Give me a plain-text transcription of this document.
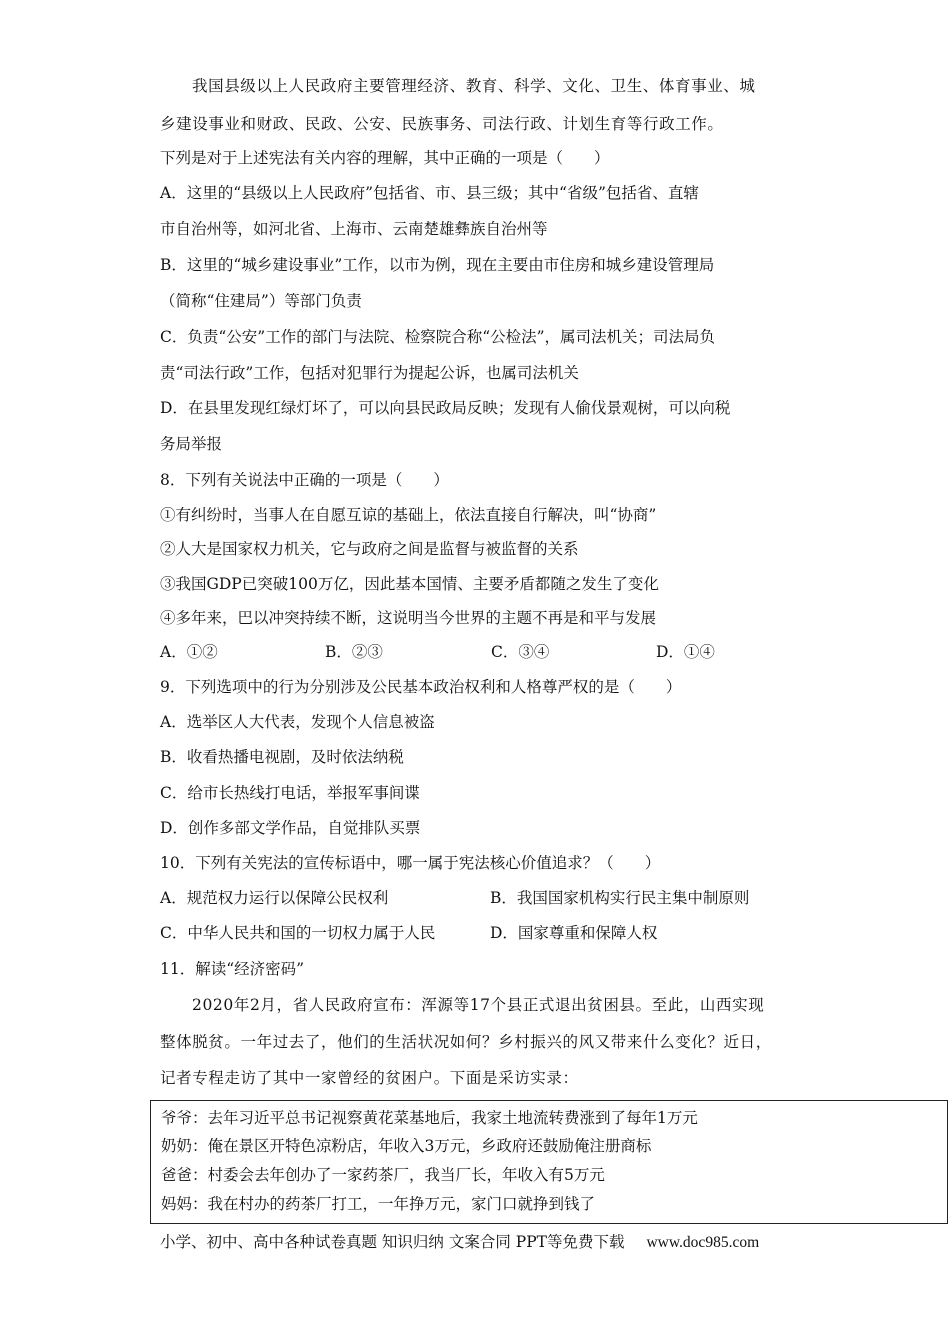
我国县级以上人民政府主要管理经济、教育、科学、文化、卫生、体育事业、城
乡建设事业和财政、民政、公安、民族事务、司法行政、计划生育等行政工作。
下列是对于上述宪法有关内容的理解，其中正确的一项是（　　）
A．这里的“县级以上人民政府”包括省、市、县三级；其中“省级”包括省、直辖
市自治州等，如河北省、上海市、云南楚雄彝族自治州等
B．这里的“城乡建设事业”工作，以市为例，现在主要由市住房和城乡建设管理局
（简称“住建局”）等部门负责
C．负责“公安”工作的部门与法院、检察院合称“公检法”，属司法机关；司法局负
责“司法行政”工作，包括对犯罪行为提起公诉，也属司法机关
D．在县里发现红绿灯坏了，可以向县民政局反映；发现有人偷伐景观树，可以向税
务局举报
8．下列有关说法中正确的一项是（　　）
①有纠纷时，当事人在自愿互谅的基础上，依法直接自行解决，叫“协商”
②人大是国家权力机关，它与政府之间是监督与被监督的关系
③我国GDP已突破100万亿，因此基本国情、主要矛盾都随之发生了变化
④多年来，巴以冲突持续不断，这说明当今世界的主题不再是和平与发展
A．①②	B．②③	C．③④	D．①④
9．下列选项中的行为分别涉及公民基本政治权利和人格尊严权的是（　　）
A．选举区人大代表，发现个人信息被盗
B．收看热播电视剧，及时依法纳税
C．给市长热线打电话，举报军事间谍
D．创作多部文学作品，自觉排队买票
10．下列有关宪法的宣传标语中，哪一属于宪法核心价值追求？（　　）
A．规范权力运行以保障公民权利	B．我国国家机构实行民主集中制原则
C．中华人民共和国的一切权力属于人民	D．国家尊重和保障人权
11．解读“经济密码”
2020年2月，省人民政府宣布：浑源等17个县正式退出贫困县。至此，山西实现
整体脱贫。一年过去了，他们的生活状况如何？乡村振兴的风又带来什么变化？近日，
记者专程走访了其中一家曾经的贫困户。下面是采访实录：
爷爷：去年习近平总书记视察黄花菜基地后，我家土地流转费涨到了每年1万元
奶奶：俺在景区开特色凉粉店，年收入3万元，乡政府还鼓励俺注册商标
爸爸：村委会去年创办了一家药茶厂，我当厂长，年收入有5万元
妈妈：我在村办的药茶厂打工，一年挣万元，家门口就挣到钱了
小学、初中、高中各种试卷真题 知识归纳 文案合同 PPT等免费下载 www.doc985.com
